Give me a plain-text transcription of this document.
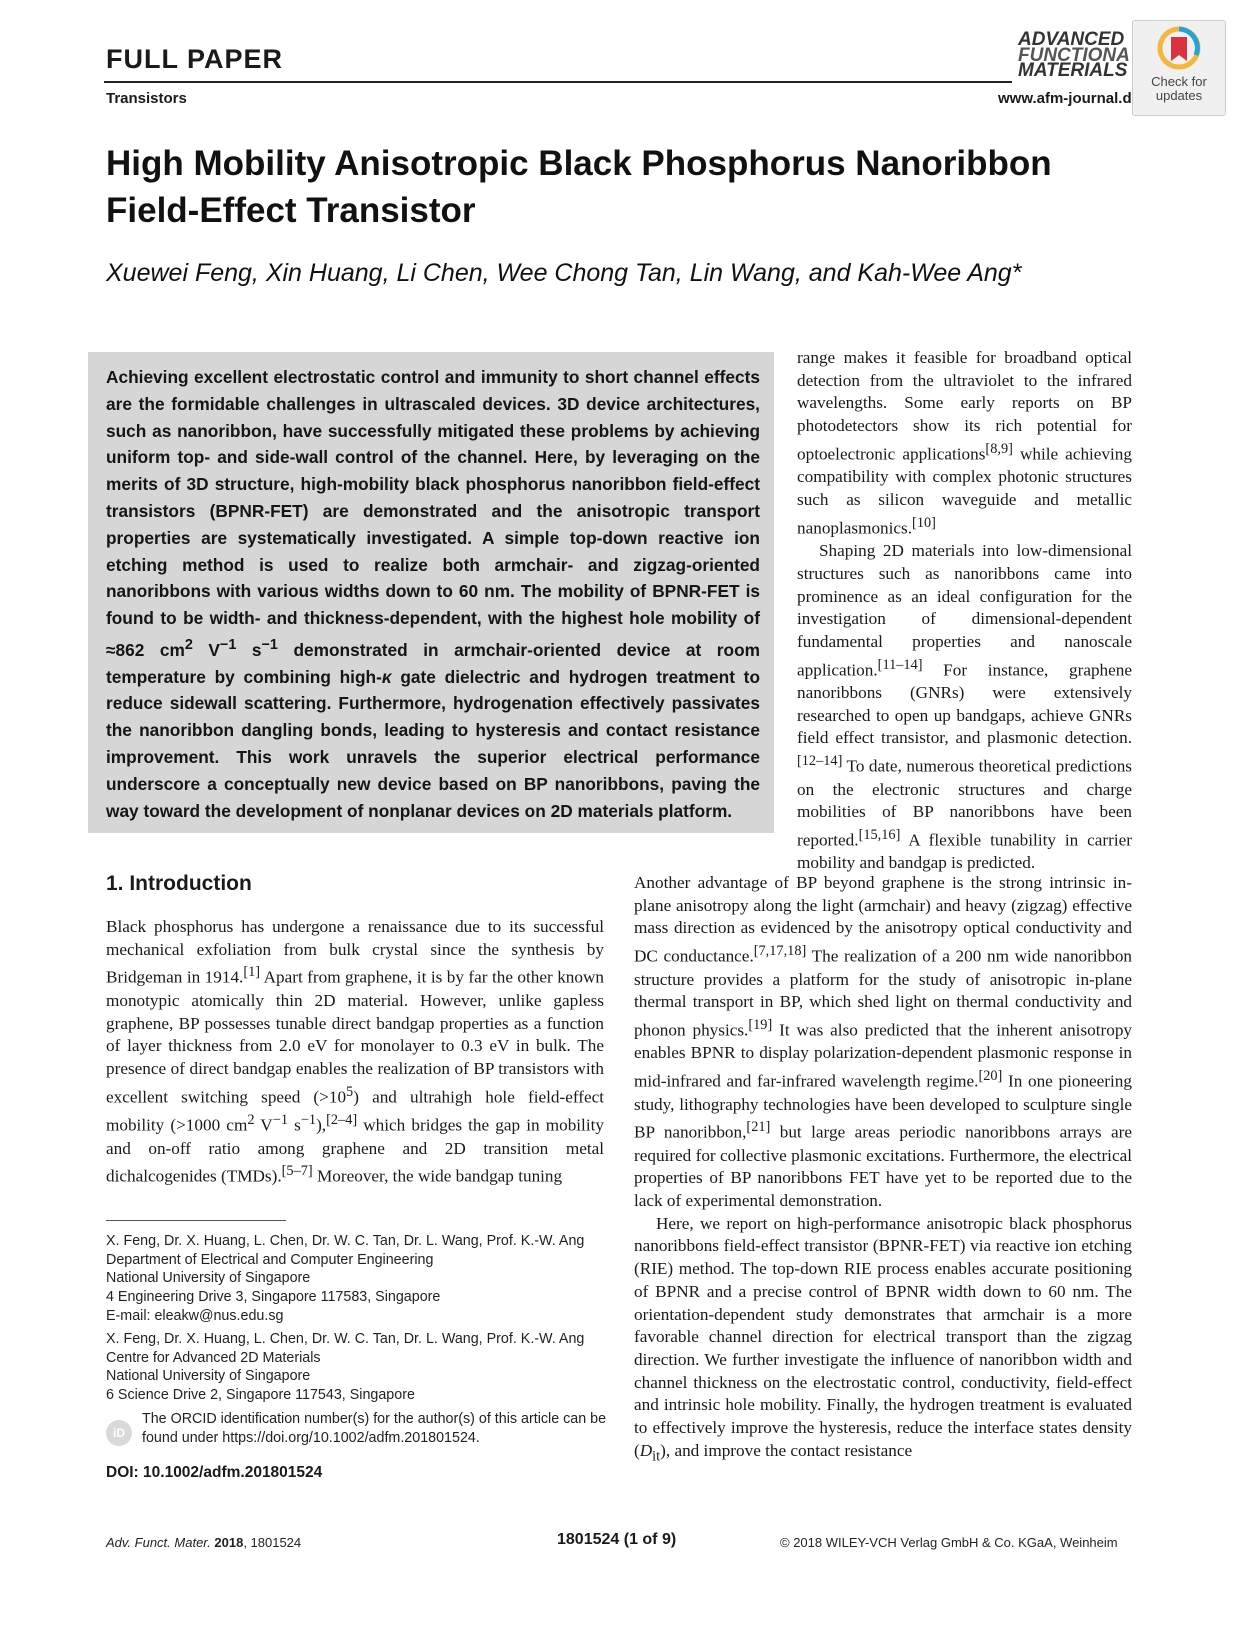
FULL PAPER
Transistors	www.afm-journal.d
ADVANCED
FUNCTIONA
MATERIALS
Check for
updates
High Mobility Anisotropic Black Phosphorus Nanoribbon
Field-Effect Transistor
Xuewei Feng, Xin Huang, Li Chen, Wee Chong Tan, Lin Wang, and Kah-Wee Ang*
Achieving excellent electrostatic control and immunity to short channel effects are the formidable challenges in ultrascaled devices. 3D device architectures, such as nanoribbon, have successfully mitigated these problems by achieving uniform top- and side-wall control of the channel. Here, by leveraging on the merits of 3D structure, high-mobility black phosphorus nanoribbon field-effect transistors (BPNR-FET) are demonstrated and the anisotropic transport properties are systematically investigated. A simple top-down reactive ion etching method is used to realize both armchair- and zigzag-oriented nanoribbons with various widths down to 60 nm. The mobility of BPNR-FET is found to be width- and thickness-dependent, with the highest hole mobility of ≈862 $cm^2$ $V^{-1}$ $s^{-1}$ demonstrated in armchair-oriented device at room temperature by combining high-κ gate dielectric and hydrogen treatment to reduce sidewall scattering. Furthermore, hydrogenation effectively passivates the nanoribbon dangling bonds, leading to hysteresis and contact resistance improvement. This work unravels the superior electrical performance underscore a conceptually new device based on BP nanoribbons, paving the way toward the development of nonplanar devices on 2D materials platform.

range makes it feasible for broadband optical detection from the ultraviolet to the infrared wavelengths. Some early reports on BP photodetectors show its rich potential for optoelectronic applications[8,9] while achieving compatibility with complex photonic structures such as silicon waveguide and metallic nanoplasmonics.[10]

Shaping 2D materials into low-dimensional structures such as nanoribbons came into prominence as an ideal configuration for the investigation of dimensional-dependent fundamental properties and nanoscale application.[11–14] For instance, graphene nanoribbons (GNRs) were extensively researched to open up bandgaps, achieve GNRs field effect transistor, and plasmonic detection.[12–14] To date, numerous theoretical predictions on the electronic structures and charge mobilities of BP nanoribbons have been reported.[15,16] A flexible tunability in carrier mobility and bandgap is predicted.

Another advantage of BP beyond graphene is the strong intrinsic in-plane anisotropy along the light (armchair) and heavy (zigzag) effective mass direction as evidenced by the anisotropy optical conductivity and DC conductance.[7,17,18] The realization of a 200 nm wide nanoribbon structure provides a platform for the study of anisotropic in-plane thermal transport in BP, which shed light on thermal conductivity and phonon physics.[19] It was also predicted that the inherent anisotropy enables BPNR to display polarization-dependent plasmonic response in mid-infrared and far-infrared wavelength regime.[20] In one pioneering study, lithography technologies have been developed to sculpture single BP nanoribbon,[21] but large areas periodic nanoribbons arrays are required for collective plasmonic excitations. Furthermore, the electrical properties of BP nanoribbons FET have yet to be reported due to the lack of experimental demonstration.

Here, we report on high-performance anisotropic black phosphorus nanoribbons field-effect transistor (BPNR-FET) via reactive ion etching (RIE) method. The top-down RIE process enables accurate positioning of BPNR and a precise control of BPNR width down to 60 nm. The orientation-dependent study demonstrates that armchair is a more favorable channel direction for electrical transport than the zigzag direction. We further investigate the influence of nanoribbon width and channel thickness on the electrostatic control, conductivity, field-effect and intrinsic hole mobility. Finally, the hydrogen treatment is evaluated to effectively improve the hysteresis, reduce the interface states density $(D_{it})$, and improve the contact resistance

1. Introduction
Black phosphorus has undergone a renaissance due to its successful mechanical exfoliation from bulk crystal since the synthesis by Bridgeman in 1914.[1] Apart from graphene, it is by far the other known monotypic atomically thin 2D material. However, unlike gapless graphene, BP possesses tunable direct bandgap properties as a function of layer thickness from 2.0 eV for monolayer to 0.3 eV in bulk. The presence of direct bandgap enables the realization of BP transistors with excellent switching speed $(>10^5)$ and ultrahigh hole field-effect mobility (>1000 $cm^2$ $V^{-1}$ $s^{-1}),[2-4]$ which bridges the gap in mobility and on-off ratio among graphene and 2D transition metal dichalcogenides (TMDs).[5–7] Moreover, the wide bandgap tuning
X. Feng, Dr. X. Huang, L. Chen, Dr. W. C. Tan, Dr. L. Wang, Prof. K.-W. Ang
Department of Electrical and Computer Engineering
National University of Singapore
4 Engineering Drive 3, Singapore 117583, Singapore
E-mail: eleakw@nus.edu.sg
X. Feng, Dr. X. Huang, L. Chen, Dr. W. C. Tan, Dr. L. Wang, Prof. K.-W. Ang
Centre for Advanced 2D Materials
National University of Singapore
6 Science Drive 2, Singapore 117543, Singapore
iD
The ORCID identification number(s) for the author(s) of this article can be found under https://doi.org/10.1002/adfm.201801524.
DOI: 10.1002/adfm.201801524
Adv. Funct. Mater. 2018, 1801524	1801524 (1 of 9)	© 2018 WILEY-VCH Verlag GmbH & Co. KGaA, Weinheim
